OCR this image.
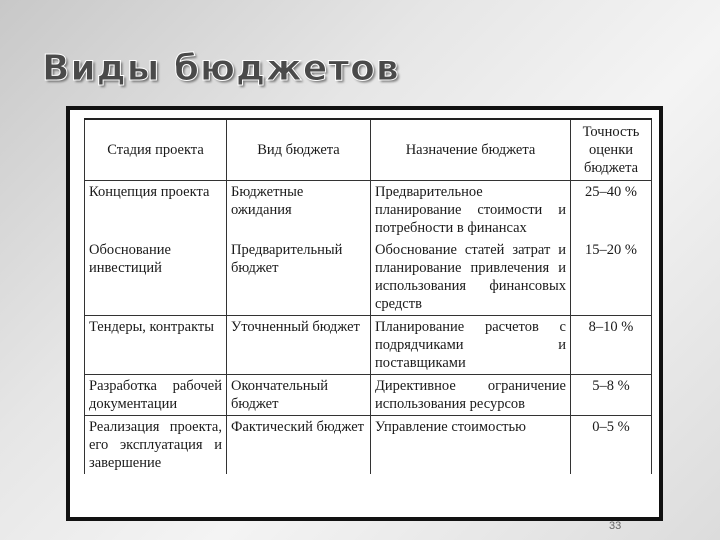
Виды бюджетов
Стадия проекта	Вид бюджета	Назначение бюджета	Точность оценки бюджета
Концепция проекта	Бюджетные ожидания	Предварительное планирование стоимости и потребности в финансах	25–40 %
Обоснование инвестиций	Предварительный бюджет	Обоснование статей затрат и планирование привлечения и использования финансовых средств	15–20 %
Тендеры, контракты	Уточненный бюджет	Планирование расчетов с подрядчиками и поставщиками	8–10 %
Разработка рабочей документации	Окончательный бюджет	Директивное ограничение использования ресурсов	5–8 %
Реализация проекта, его эксплуатация и завершение	Фактический бюджет	Управление стоимостью	0–5 %
33
